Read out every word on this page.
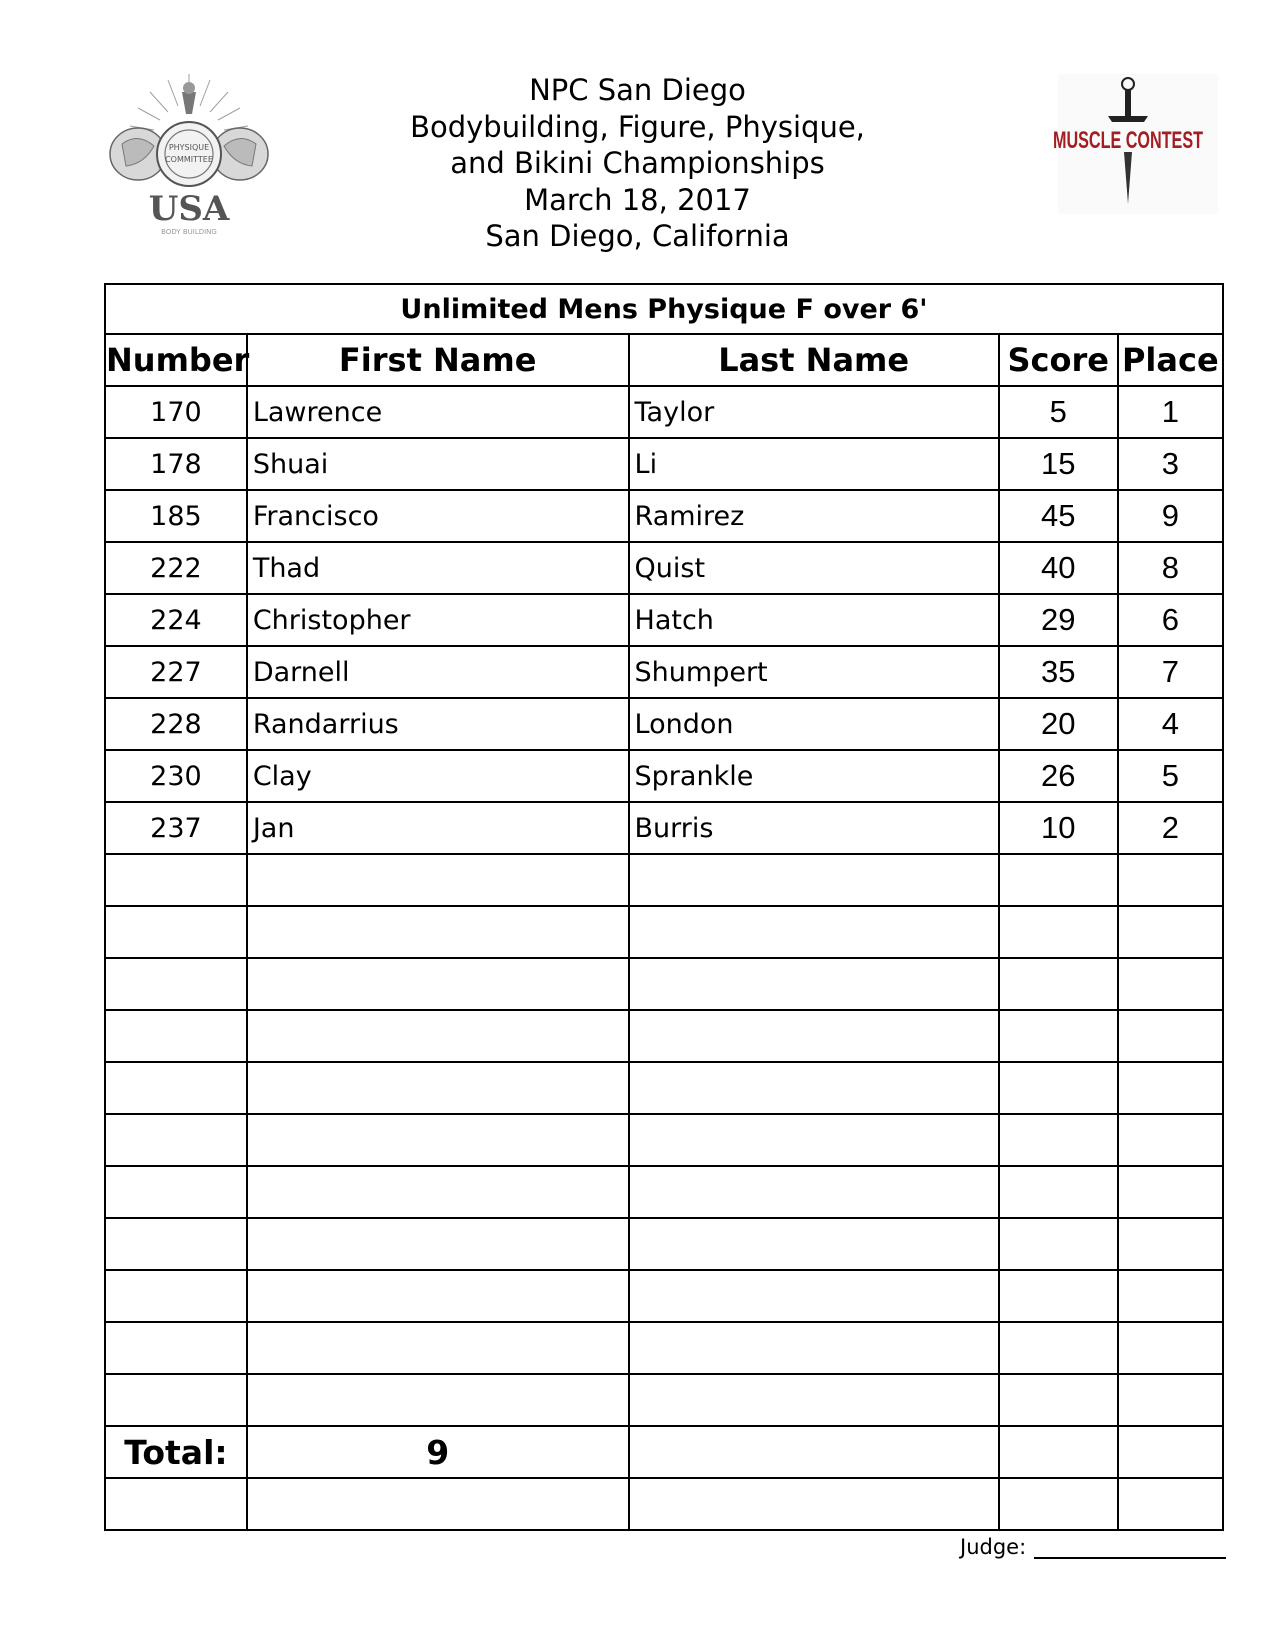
NPC San Diego
Bodybuilding, Figure, Physique,
and Bikini Championships
March 18, 2017
San Diego, California
PHYSIQUE
COMMITTEE
USA
BODY BUILDING
MUSCLE CONTEST
Unlimited Mens Physique F over 6'				
Number	First Name	Last Name	Score	Place
170	Lawrence	Taylor	5	1
178	Shuai	Li	15	3
185	Francisco	Ramirez	45	9
222	Thad	Quist	40	8
224	Christopher	Hatch	29	6
227	Darnell	Shumpert	35	7
228	Randarrius	London	20	4
230	Clay	Sprankle	26	5
237	Jan	Burris	10	2

Total:	9			

Judge:
